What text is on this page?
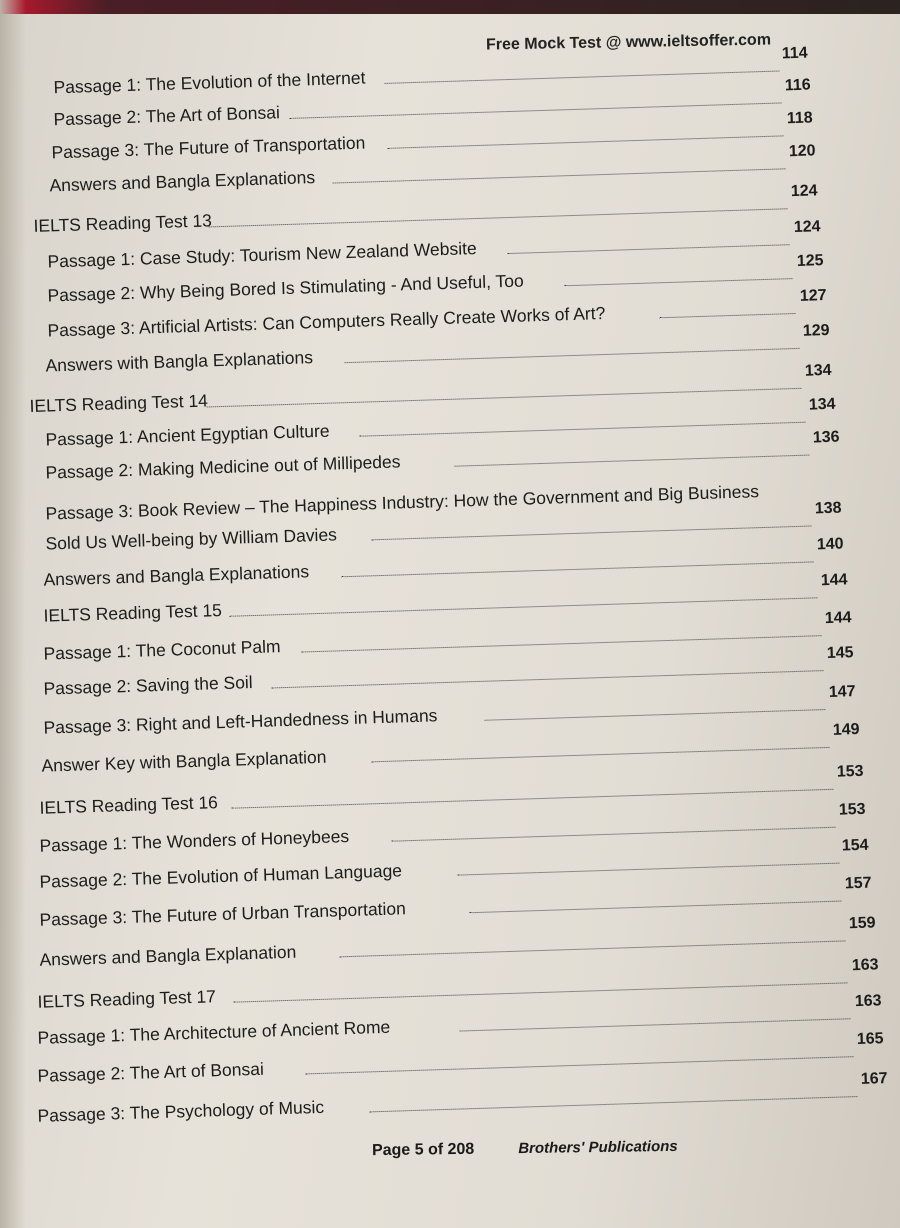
Free Mock Test @ www.ieltsoffer.com
Passage 1: The Evolution of the Internet
114
Passage 2: The Art of Bonsai
116
Passage 3: The Future of Transportation
118
Answers and Bangla Explanations
120
IELTS Reading Test 13
124
Passage 1: Case Study: Tourism New Zealand Website
124
Passage 2: Why Being Bored Is Stimulating - And Useful, Too
125
Passage 3: Artificial Artists: Can Computers Really Create Works of Art?
127
Answers with Bangla Explanations
129
IELTS Reading Test 14
134
Passage 1: Ancient Egyptian Culture
134
Passage 2: Making Medicine out of Millipedes
136
Passage 3: Book Review – The Happiness Industry: How the Government and Big Business
Sold Us Well-being by William Davies
138
Answers and Bangla Explanations
140
IELTS Reading Test 15
144
Passage 1: The Coconut Palm
144
Passage 2: Saving the Soil
145
Passage 3: Right and Left-Handedness in Humans
147
Answer Key with Bangla Explanation
149
IELTS Reading Test 16
153
Passage 1: The Wonders of Honeybees
153
Passage 2: The Evolution of Human Language
154
Passage 3: The Future of Urban Transportation
157
Answers and Bangla Explanation
159
IELTS Reading Test 17
163
Passage 1: The Architecture of Ancient Rome
163
Passage 2: The Art of Bonsai
165
Passage 3: The Psychology of Music
167
Page 5 of 208	Brothers' Publications
